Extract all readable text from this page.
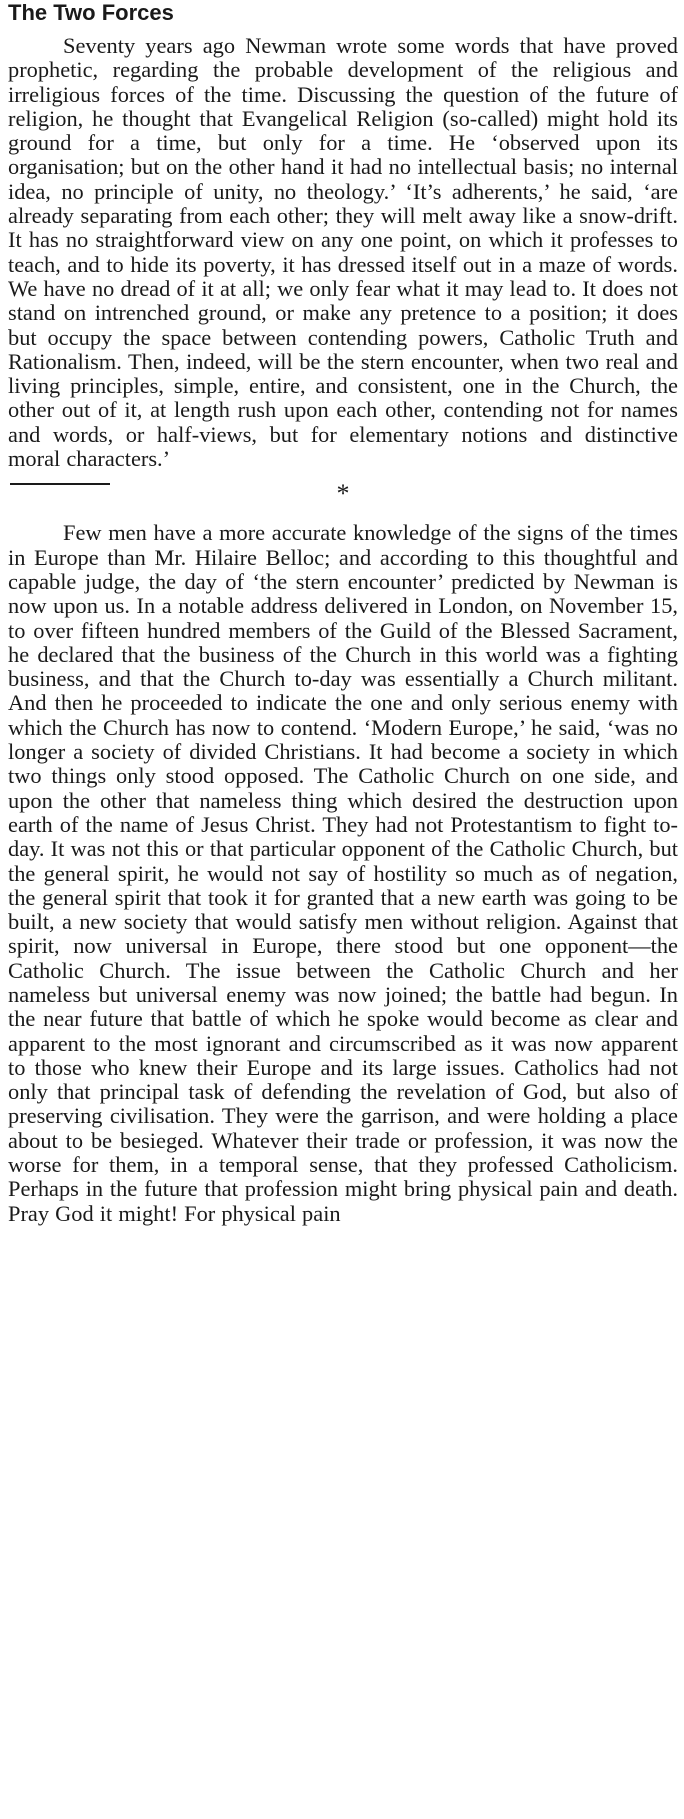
The Two Forces

Seventy years ago Newman wrote some words that have proved prophetic, regarding the probable development of the religious and irreligious forces of the time. Discussing the question of the future of religion, he thought that Evangelical Religion (so-called) might hold its ground for a time, but only for a time. He ‘observed upon its organisation; but on the other hand it had no intellectual basis; no internal idea, no principle of unity, no theology.’ ‘It’s adherents,’ he said, ‘are already separating from each other; they will melt away like a snow-drift. It has no straightforward view on any one point, on which it professes to teach, and to hide its poverty, it has dressed itself out in a maze of words. We have no dread of it at all; we only fear what it may lead to. It does not stand on intrenched ground, or make any pretence to a position; it does but occupy the space between contending powers, Catholic Truth and Rationalism. Then, indeed, will be the stern encounter, when two real and living principles, simple, entire, and consistent, one in the Church, the other out of it, at length rush upon each other, contending not for names and words, or half-views, but for elementary notions and distinctive moral characters.’

*

Few men have a more accurate knowledge of the signs of the times in Europe than Mr. Hilaire Belloc; and according to this thoughtful and capable judge, the day of ‘the stern encounter’ predicted by Newman is now upon us. In a notable address delivered in London, on November 15, to over fifteen hundred members of the Guild of the Blessed Sacrament, he declared that the business of the Church in this world was a fighting business, and that the Church to-day was essentially a Church militant. And then he proceeded to indicate the one and only serious enemy with which the Church has now to contend. ‘Modern Europe,’ he said, ‘was no longer a society of divided Christians. It had become a society in which two things only stood opposed. The Catholic Church on one side, and upon the other that nameless thing which desired the destruction upon earth of the name of Jesus Christ. They had not Protestantism to fight to-day. It was not this or that particular opponent of the Catholic Church, but the general spirit, he would not say of hostility so much as of negation, the general spirit that took it for granted that a new earth was going to be built, a new society that would satisfy men without religion. Against that spirit, now universal in Europe, there stood but one opponent—the Catholic Church. The issue between the Catholic Church and her nameless but universal enemy was now joined; the battle had begun. In the near future that battle of which he spoke would become as clear and apparent to the most ignorant and circumscribed as it was now apparent to those who knew their Europe and its large issues. Catholics had not only that principal task of defending the revelation of God, but also of preserving civilisation. They were the garrison, and were holding a place about to be besieged. Whatever their trade or profession, it was now the worse for them, in a temporal sense, that they professed Catholicism. Perhaps in the future that profession might bring physical pain and death. Pray God it might! For physical pain
